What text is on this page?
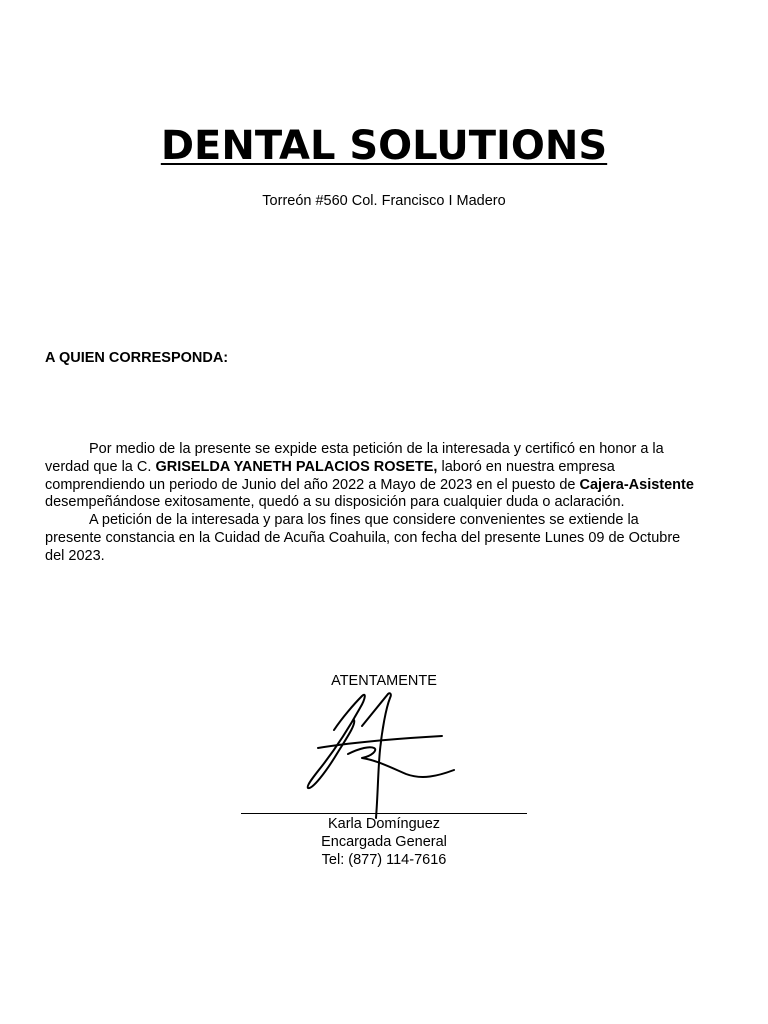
DENTAL SOLUTIONS
Torreón #560 Col. Francisco I Madero
A QUIEN CORRESPONDA:
Por medio de la presente se expide esta petición de la interesada y certificó en honor a la
verdad que la C. GRISELDA YANETH PALACIOS ROSETE, laboró en nuestra empresa
comprendiendo un periodo de Junio del año 2022 a Mayo de 2023 en el puesto de Cajera-Asistente
desempeñándose exitosamente, quedó a su disposición para cualquier duda o aclaración.
A petición de la interesada y para los fines que considere convenientes se extiende la
presente constancia en la Cuidad de Acuña Coahuila, con fecha del presente Lunes 09 de Octubre
del 2023.
ATENTAMENTE
Karla Domínguez
Encargada General
Tel: (877) 114-7616
